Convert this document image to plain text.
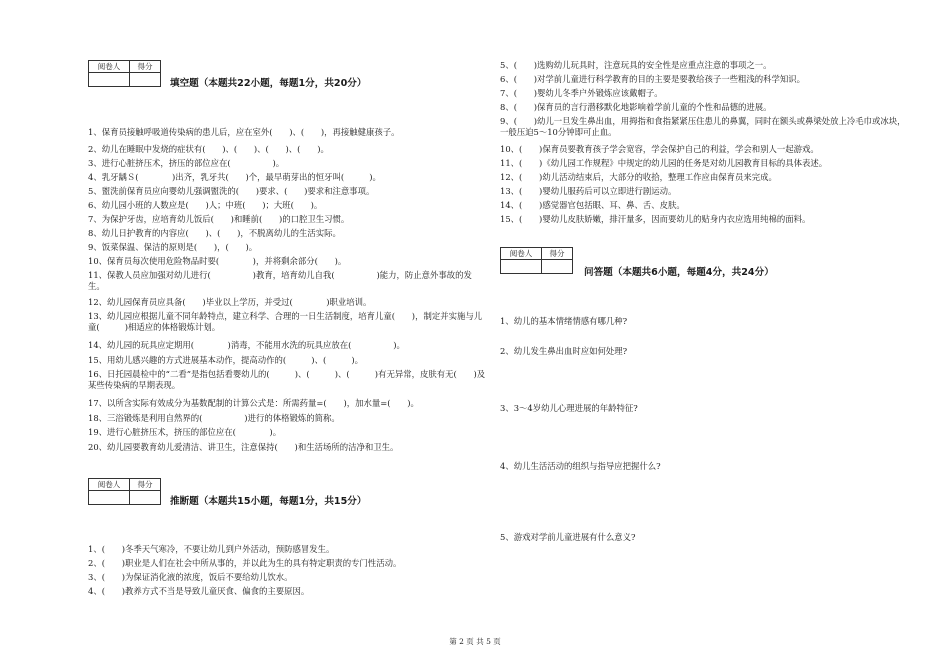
阅卷人	得分

填空题（本题共22小题，每题1分，共20分）
1、保育员接触呼吸道传染病的患儿后，应在室外(　　)、(　　)，再接触健康孩子。
2、幼儿在睡眠中发烧的症状有(　　)、(　　)、(　　)、(　　)。
3、进行心脏挤压术，挤压的部位应在(　　　　　)。
4、乳牙龋Ｓ(　　　　)出齐，乳牙共(　　)个，最早萌芽出的恒牙叫(　　　)。
5、盥洗前保育员应向婴幼儿强调盥洗的(　　)要求、(　　)要求和注意事项。
6、幼儿园小班的人数应是(　　)人；中班(　　)；大班(　　)。
7、为保护牙齿，应培育幼儿饭后(　　)和睡前(　　)的口腔卫生习惯。
8、幼儿日护教育的内容应(　　)、(　　)，不脱离幼儿的生活实际。
9、饭菜保温、保洁的原则是(　　)，(　　)。
10、保育员每次使用危险物品时要(　　　　)，并将剩余部分(　　)。
11、保教人员应加强对幼儿进行(　　　　　)教育，培育幼儿自我(　　　　　)能力，防止意外事故的发生。
12、幼儿园保育员应具备(　　)毕业以上学历，并受过(　　　　)职业培训。
13、幼儿园应根据儿童不同年龄特点，建立科学、合理的一日生活制度，培育儿童(　　)，制定并实施与儿童(　　　)相适应的体格锻炼计划。
14、幼儿园的玩具应定期用(　　　　)消毒，不能用水洗的玩具应放在(　　　　　)。
15、用幼儿感兴趣的方式进展基本动作，提高动作的(　　　)、(　　　)。
16、日托园晨检中的“二看”是指包括看婴幼儿的(　　　)、(　　　)、(　　　)有无异常，皮肤有无(　　)及某些传染病的早期表现。
17、以所含实际有效成分为基数配制的计算公式是：所需药量=(　　)，加水量=(　　)。
18、三浴锻炼是利用自然界的(　　　　　)进行的体格锻炼的简称。
19、进行心脏挤压术，挤压的部位应在(　　　　)。
20、幼儿园要教育幼儿爱清洁、讲卫生，注意保持(　　)和生活场所的洁净和卫生。
阅卷人	得分

推断题（本题共15小题，每题1分，共15分）
1、(　　)冬季天气寒冷，不要让幼儿到户外活动，预防感冒发生。
2、(　　)职业是人们在社会中所从事的，并以此为生的具有特定职责的专门性活动。
3、(　　)为保证消化液的浓度，饭后不要给幼儿饮水。
4、(　　)教养方式不当是导致儿童厌食、偏食的主要原因。
5、(　　)选购幼儿玩具时，注意玩具的安全性是应重点注意的事项之一。
6、(　　)对学前儿童进行科学教育的目的主要是要教给孩子一些粗浅的科学知识。
7、(　　)婴幼儿冬季户外锻炼应该戴帽子。
8、(　　)保育员的言行潜移默化地影响着学前儿童的个性和品德的进展。
9、(　　)幼儿一旦发生鼻出血，用拇指和食指紧紧压住患儿的鼻翼，同时在额头或鼻梁处放上冷毛巾或冰块，一般压迫5～10分钟即可止血。
10、(　　)保育员要教育孩子学会宽容，学会保护自己的利益，学会和别人一起游戏。
11、(　　)《幼儿园工作规程》中规定的幼儿园的任务是对幼儿园教育目标的具体表述。
12、(　　)幼儿活动结束后，大部分的收拾，整理工作应由保育员来完成。
13、(　　)婴幼儿服药后可以立即进行剧运动。
14、(　　)感觉器官包括眼、耳、鼻、舌、皮肤。
15、(　　)婴幼儿皮肤娇嫩，排汗量多，因而要幼儿的贴身内衣应选用纯棉的面料。
阅卷人	得分

问答题（本题共6小题，每题4分，共24分）
1、幼儿的基本情绪情感有哪几种?
2、幼儿发生鼻出血时应如何处理?
3、3～4岁幼儿心理进展的年龄特征?
4、幼儿生活活动的组织与指导应把握什么?
5、游戏对学前儿童进展有什么意义?
第 2 页 共 5 页
